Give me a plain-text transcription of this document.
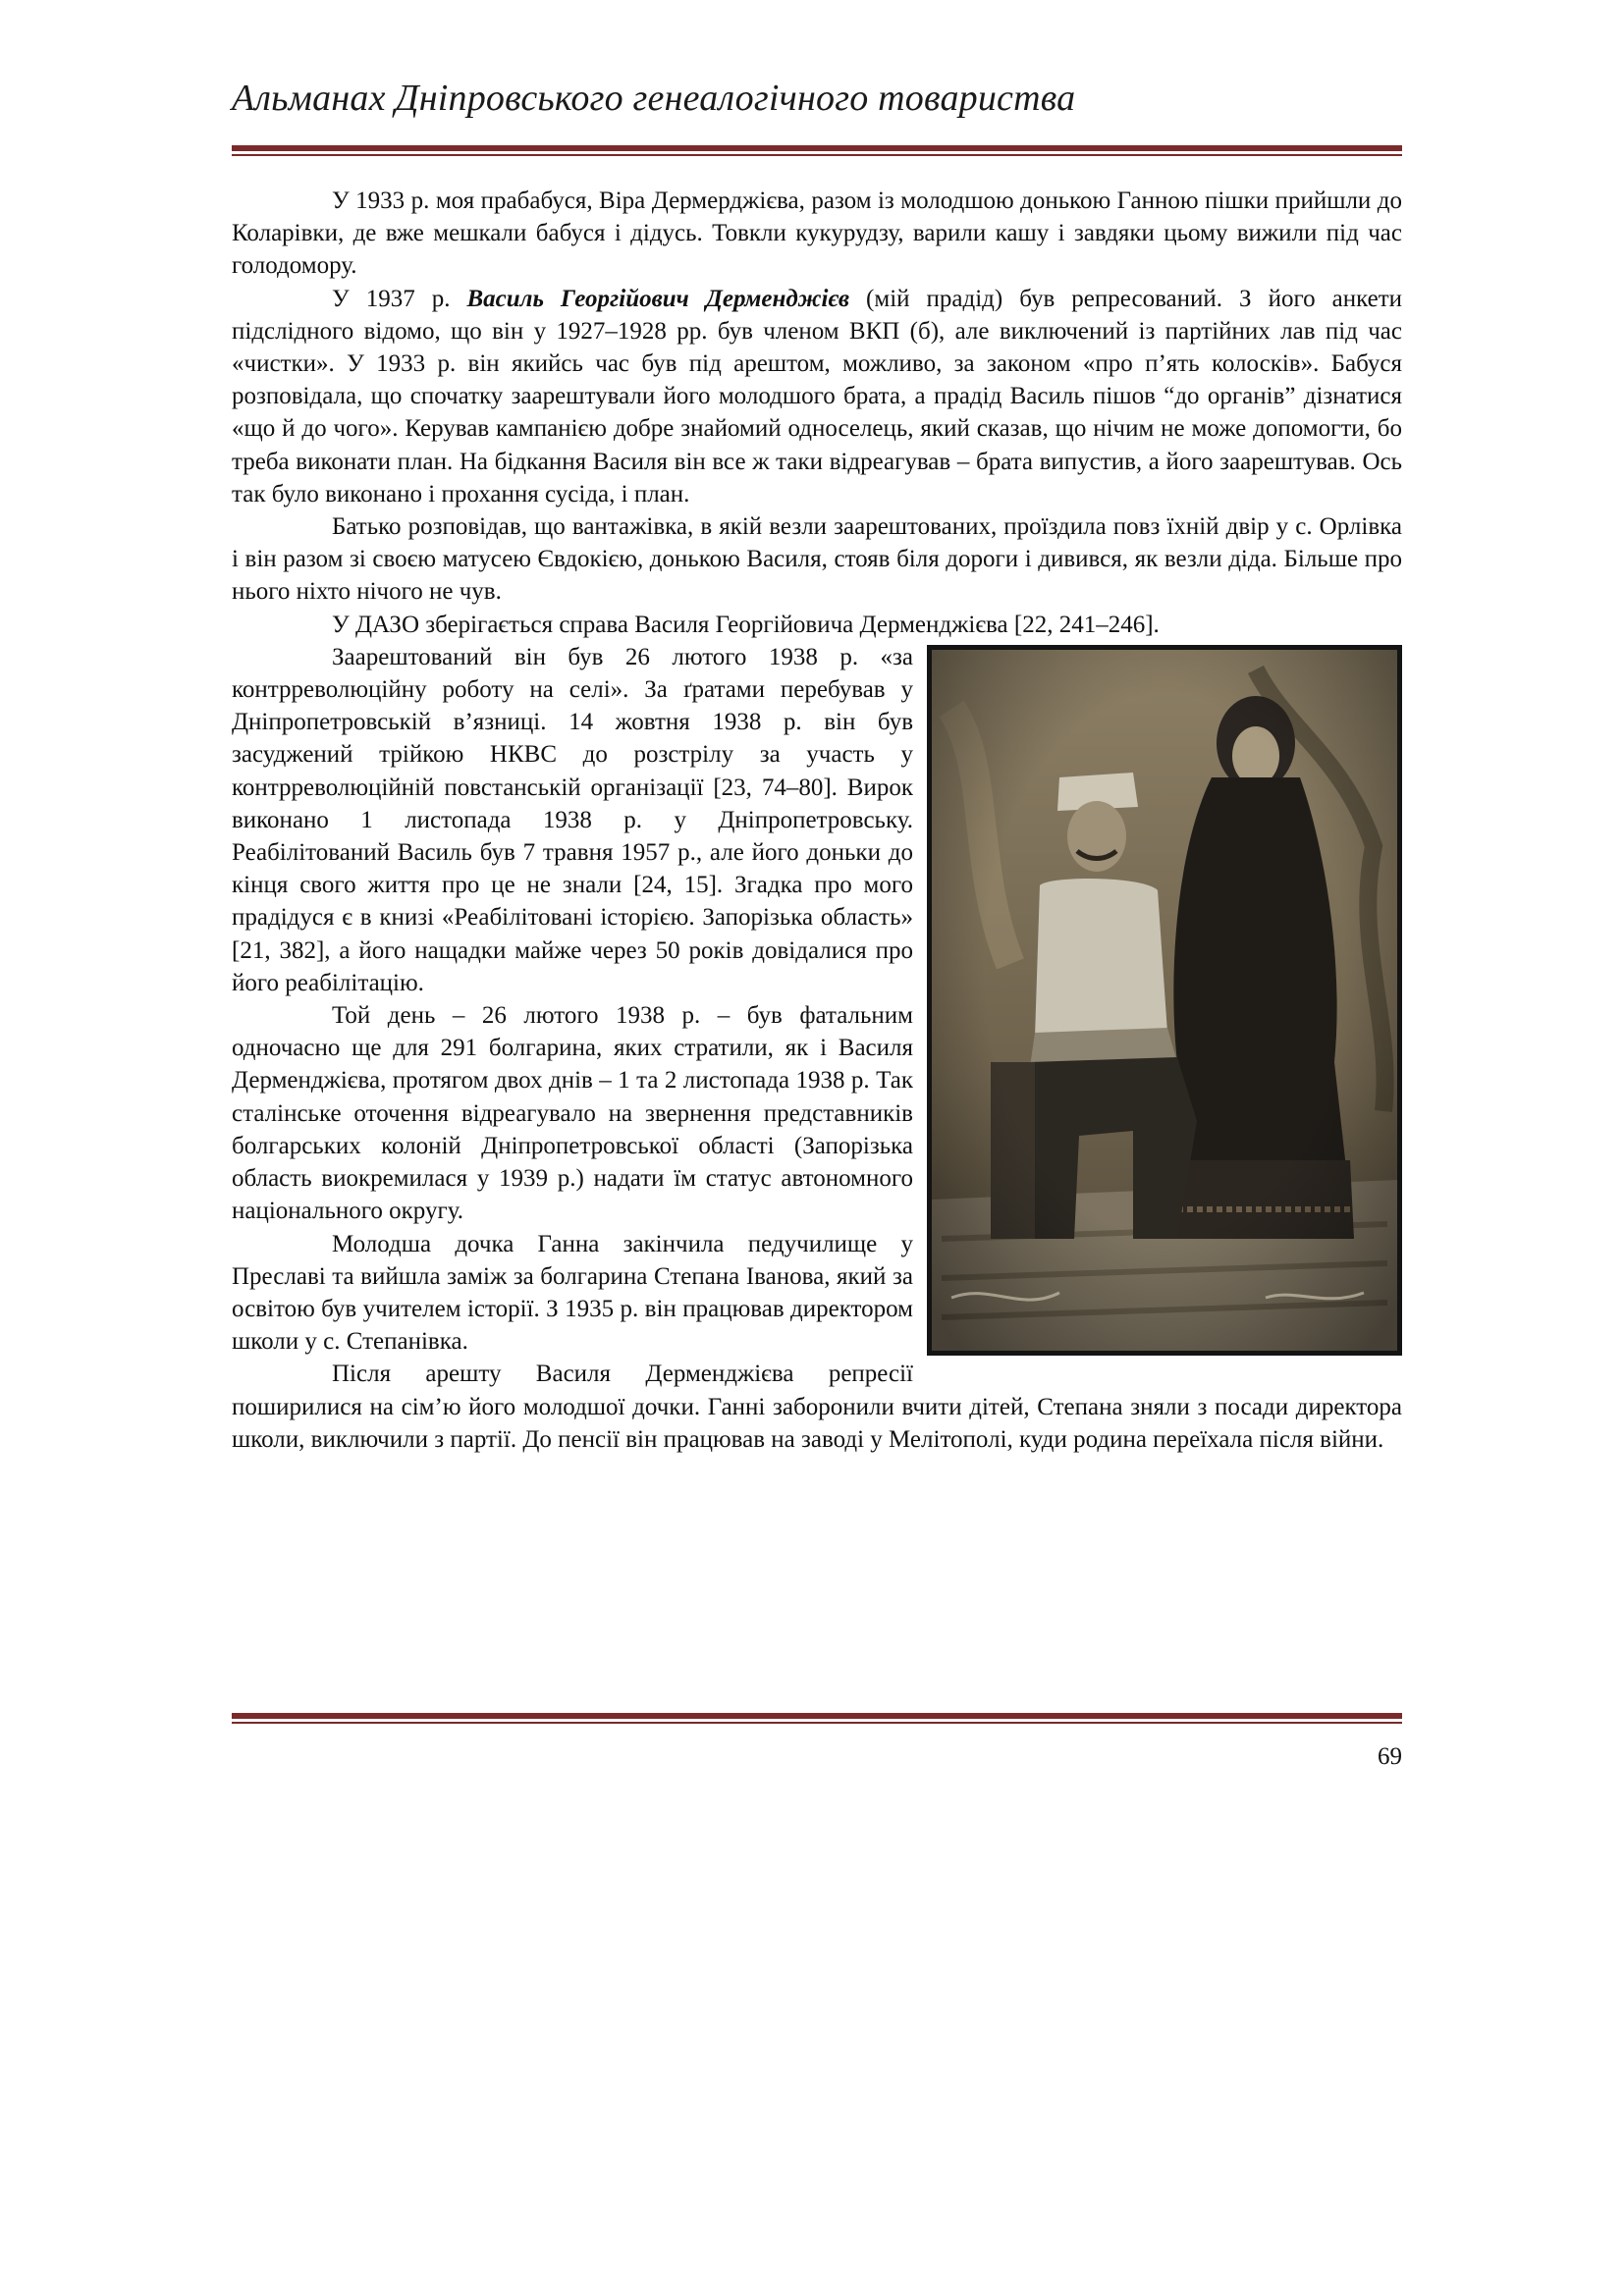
Альманах Дніпровського генеалогічного товариства

У 1933 р. моя прабабуся, Віра Дермерджієва, разом із молодшою донькою Ганною пішки прийшли до Коларівки, де вже мешкали бабуся і дідусь. Товкли кукурудзу, варили кашу і завдяки цьому вижили під час голодомору.

У 1937 р. Василь Георгійович Дерменджієв (мій прадід) був репресований. З його анкети підслідного відомо, що він у 1927–1928 рр. був членом ВКП (б), але виключений із партійних лав під час «чистки». У 1933 р. він якийсь час був під арештом, можливо, за законом «про п’ять колосків». Бабуся розповідала, що спочатку заарештували його молодшого брата, а прадід Василь пішов “до органів” дізнатися «що й до чого». Керував кампанією добре знайомий односелець, який сказав, що нічим не може допомогти, бо треба виконати план. На бідкання Василя він все ж таки відреагував – брата випустив, а його заарештував. Ось так було виконано і прохання сусіда, і план.

Батько розповідав, що вантажівка, в якій везли заарештованих, проїздила повз їхній двір у с. Орлівка і він разом зі своєю матусею Євдокією, донькою Василя, стояв біля дороги і дивився, як везли діда. Більше про нього ніхто нічого не чув.

У ДАЗО зберігається справа Василя Георгійовича Дерменджієва [22, 241–246].

Заарештований він був 26 лютого 1938 р. «за контрреволюційну роботу на селі». За ґратами перебував у Дніпропетровській в’язниці. 14 жовтня 1938 р. він був засуджений трійкою НКВС до розстрілу за участь у контрреволюційній повстанській організації [23, 74–80]. Вирок виконано 1 листопада 1938 р. у Дніпропетровську. Реабілітований Василь був 7 травня 1957 р., але його доньки до кінця свого життя про це не знали [24, 15]. Згадка про мого прадідуся є в книзі «Реабілітовані історією. Запорізька область» [21, 382], а його нащадки майже через 50 років довідалися про його реабілітацію.

Той день – 26 лютого 1938 р. – був фатальним одночасно ще для 291 болгарина, яких стратили, як і Василя Дерменджієва, протягом двох днів – 1 та 2 листопада 1938 р. Так сталінське оточення відреагувало на звернення представників болгарських колоній Дніпропетровської області (Запорізька область виокремилася у 1939 р.) надати їм статус автономного національного округу.

Молодша дочка Ганна закінчила педучилище у Преславі та вийшла заміж за болгарина Степана Іванова, який за освітою був учителем історії. З 1935 р. він працював директором школи у с. Степанівка.

Після арешту Василя Дерменджієва репресії поширилися на сім’ю його молодшої дочки. Ганні заборонили вчити дітей, Степана зняли з посади директора школи, виключили з партії. До пенсії він працював на заводі у Мелітополі, куди родина переїхала після війни.

69
